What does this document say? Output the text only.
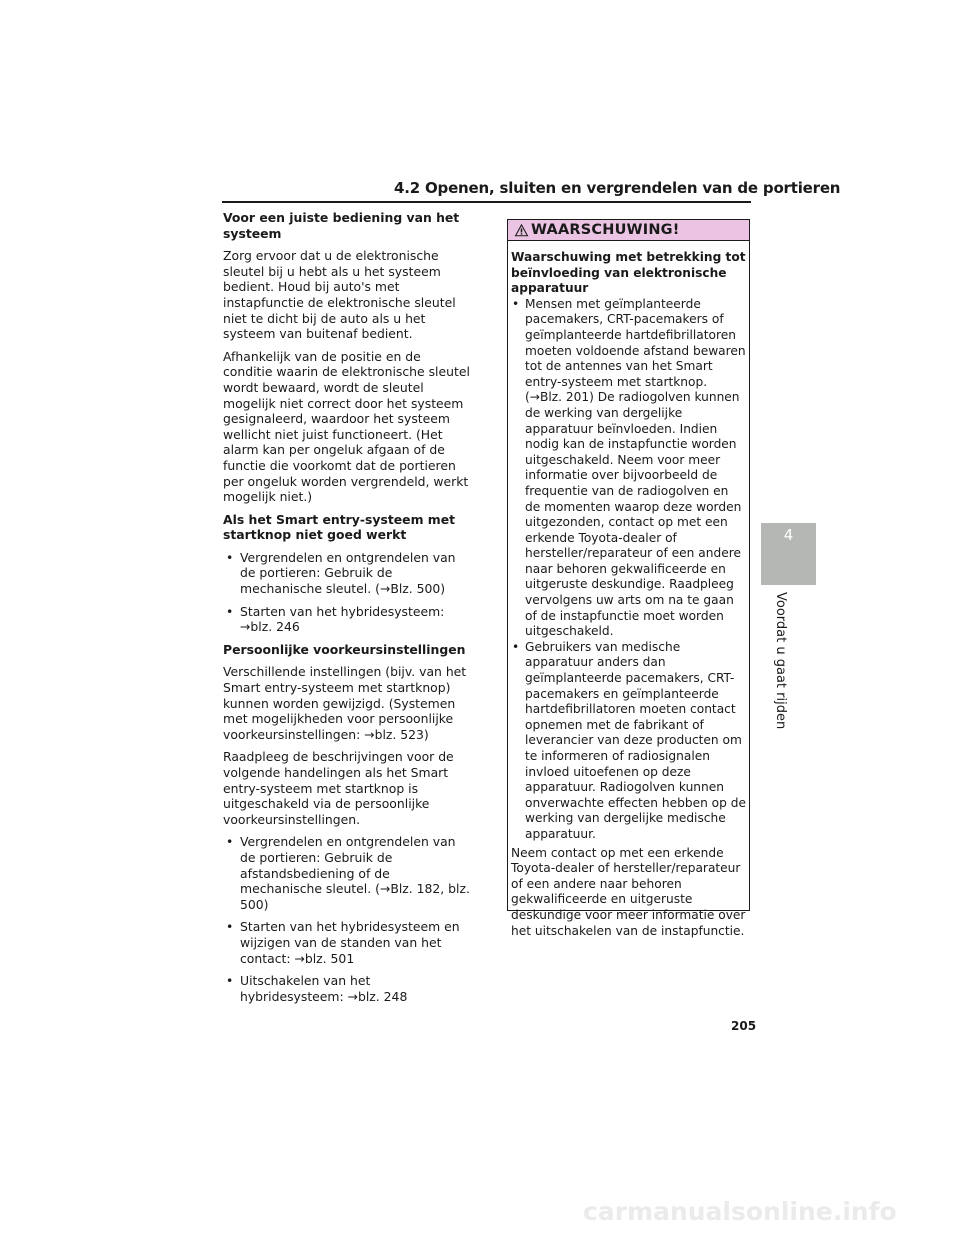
4.2 Openen, sluiten en vergrendelen van de portieren
Voor een juiste bediening van het systeem

Zorg ervoor dat u de elektronische sleutel bij u hebt als u het systeem bedient. Houd bij auto's met instapfunctie de elektronische sleutel niet te dicht bij de auto als u het systeem van buitenaf bedient.

Afhankelijk van de positie en de conditie waarin de elektronische sleutel wordt bewaard, wordt de sleutel mogelijk niet correct door het systeem gesignaleerd, waardoor het systeem wellicht niet juist functioneert. (Het alarm kan per ongeluk afgaan of de functie die voorkomt dat de portieren per ongeluk worden vergrendeld, werkt mogelijk niet.)

Als het Smart entry-systeem met startknop niet goed werkt
• Vergrendelen en ontgrendelen van de portieren: Gebruik de mechanische sleutel. (→Blz. 500)
• Starten van het hybridesysteem: →blz. 246
Persoonlijke voorkeursinstellingen

Verschillende instellingen (bijv. van het Smart entry-systeem met startknop) kunnen worden gewijzigd. (Systemen met mogelijkheden voor persoonlijke voorkeursinstellingen: →blz. 523)

Raadpleeg de beschrijvingen voor de volgende handelingen als het Smart entry-systeem met startknop is uitgeschakeld via de persoonlijke voorkeursinstellingen.

• Vergrendelen en ontgrendelen van de portieren: Gebruik de afstandsbediening of de mechanische sleutel. (→Blz. 182, blz. 500)
• Starten van het hybridesysteem en wijzigen van de standen van het contact: →blz. 501
• Uitschakelen van het hybridesysteem: →blz. 248
WAARSCHUWING!
Waarschuwing met betrekking tot beïnvloeding van elektronische apparatuur
• Mensen met geïmplanteerde pacemakers, CRT-pacemakers of geïmplanteerde hartdefibrillatoren moeten voldoende afstand bewaren tot de antennes van het Smart entry-systeem met startknop. (→Blz. 201) De radiogolven kunnen de werking van dergelijke apparatuur beïnvloeden. Indien nodig kan de instapfunctie worden uitgeschakeld. Neem voor meer informatie over bijvoorbeeld de frequentie van de radiogolven en de momenten waarop deze worden uitgezonden, contact op met een erkende Toyota-dealer of hersteller/reparateur of een andere naar behoren gekwalificeerde en uitgeruste deskundige. Raadpleeg vervolgens uw arts om na te gaan of de instapfunctie moet worden uitgeschakeld.
• Gebruikers van medische apparatuur anders dan geïmplanteerde pacemakers, CRT-pacemakers en geïmplanteerde hartdefibrillatoren moeten contact opnemen met de fabrikant of leverancier van deze producten om te informeren of radiosignalen invloed uitoefenen op deze apparatuur. Radiogolven kunnen onverwachte effecten hebben op de werking van dergelijke medische apparatuur.

Neem contact op met een erkende Toyota-dealer of hersteller/reparateur of een andere naar behoren gekwalificeerde en uitgeruste deskundige voor meer informatie over het uitschakelen van de instapfunctie.

4
Voordat u gaat rijden
205
carmanualsonline.info
